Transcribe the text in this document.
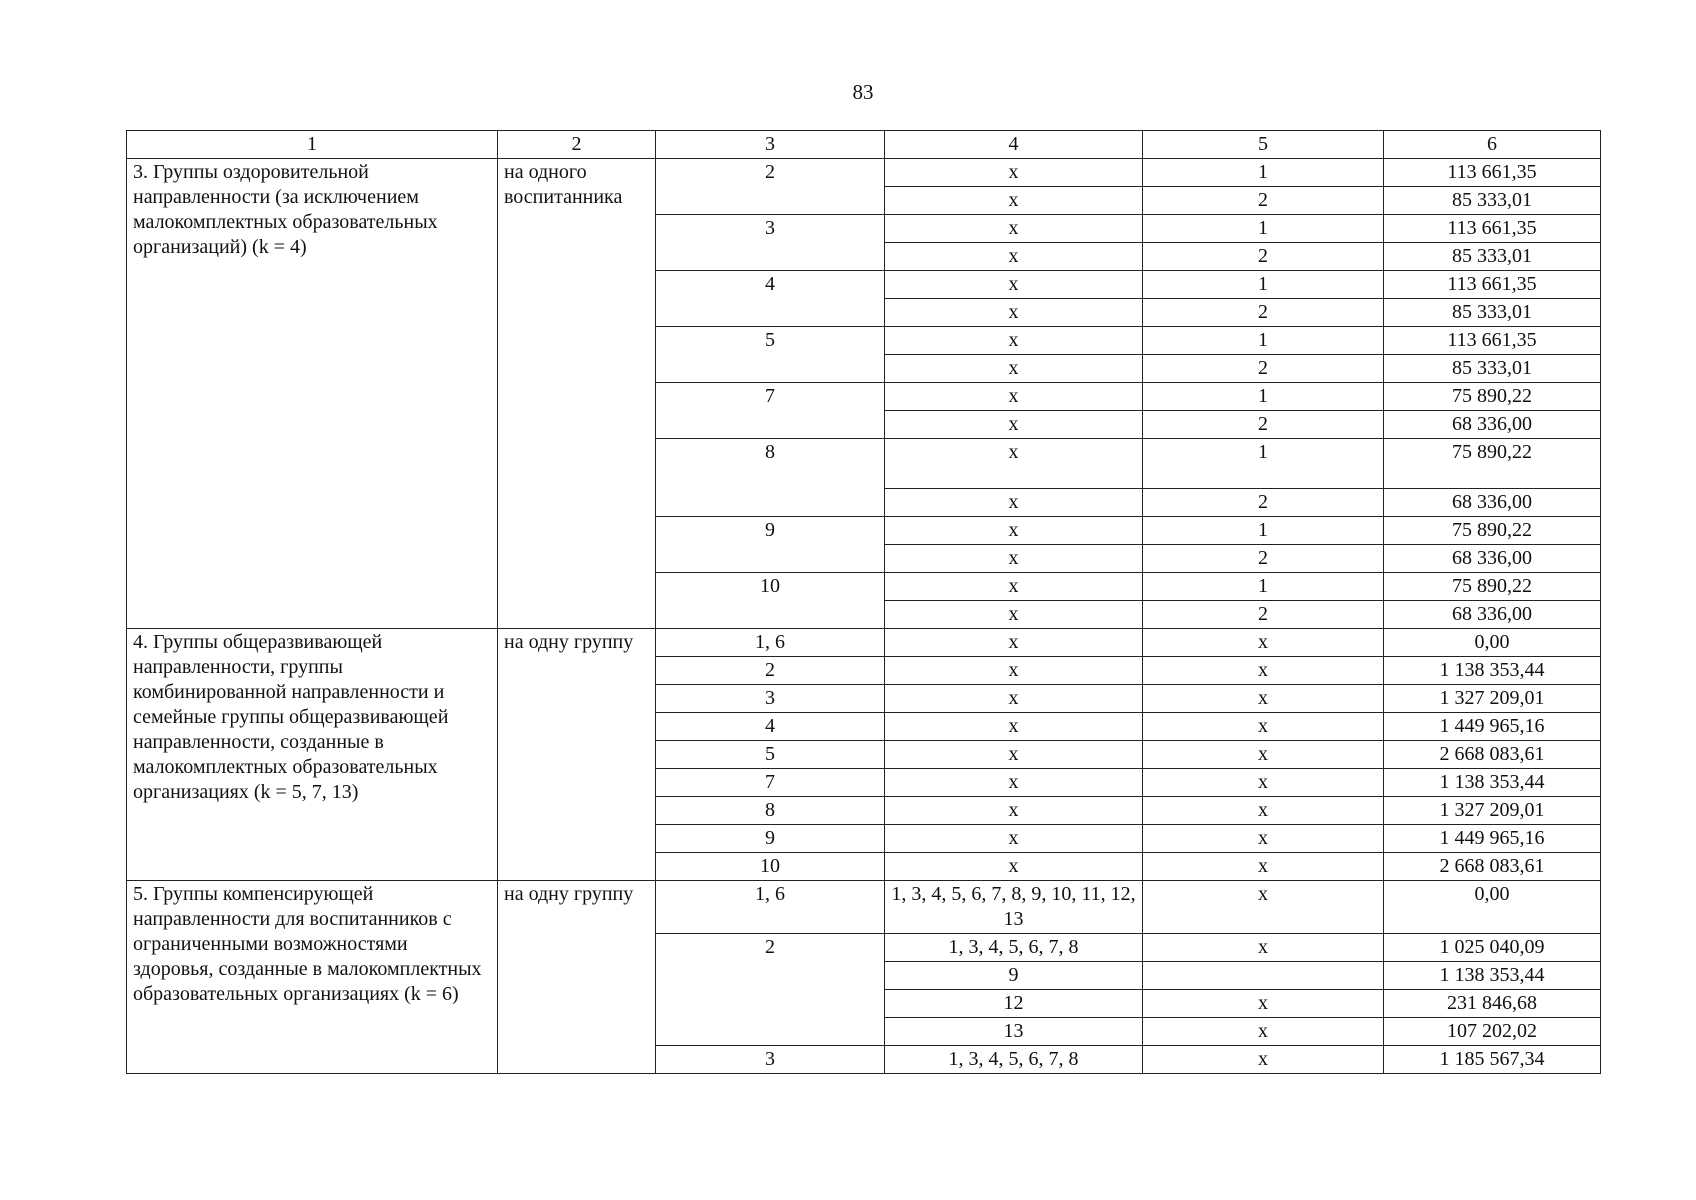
83
1	2	3	4	5	6
3. Группы оздоровительной направленности (за исключением малокомплектных образовательных организаций) (k = 4)	на одного воспитанника	2	x	1	113 661,35
			x	2	85 333,01
		3	x	1	113 661,35
			x	2	85 333,01
		4	x	1	113 661,35
			x	2	85 333,01
		5	x	1	113 661,35
			x	2	85 333,01
		7	x	1	75 890,22
			x	2	68 336,00
		8	x	1	75 890,22
			x	2	68 336,00
		9	x	1	75 890,22
			x	2	68 336,00
		10	x	1	75 890,22
			x	2	68 336,00
4. Группы общеразвивающей направленности, группы комбинированной направленности и семейные группы общеразвивающей направленности, созданные в малокомплектных образовательных организациях (k = 5, 7, 13)	на одну группу	1, 6	x	x	0,00
		2	x	x	1 138 353,44
		3	x	x	1 327 209,01
		4	x	x	1 449 965,16
		5	x	x	2 668 083,61
		7	x	x	1 138 353,44
		8	x	x	1 327 209,01
		9	x	x	1 449 965,16
		10	x	x	2 668 083,61
5. Группы компенсирующей направленности для воспитанников с ограниченными возможностями здоровья, созданные в малокомплектных образовательных организациях (k = 6)	на одну группу	1, 6	1, 3, 4, 5, 6, 7, 8, 9, 10, 11, 12, 13	x	0,00
		2	1, 3, 4, 5, 6, 7, 8	x	1 025 040,09
			9		1 138 353,44
			12	x	231 846,68
			13	x	107 202,02
		3	1, 3, 4, 5, 6, 7, 8	x	1 185 567,34
